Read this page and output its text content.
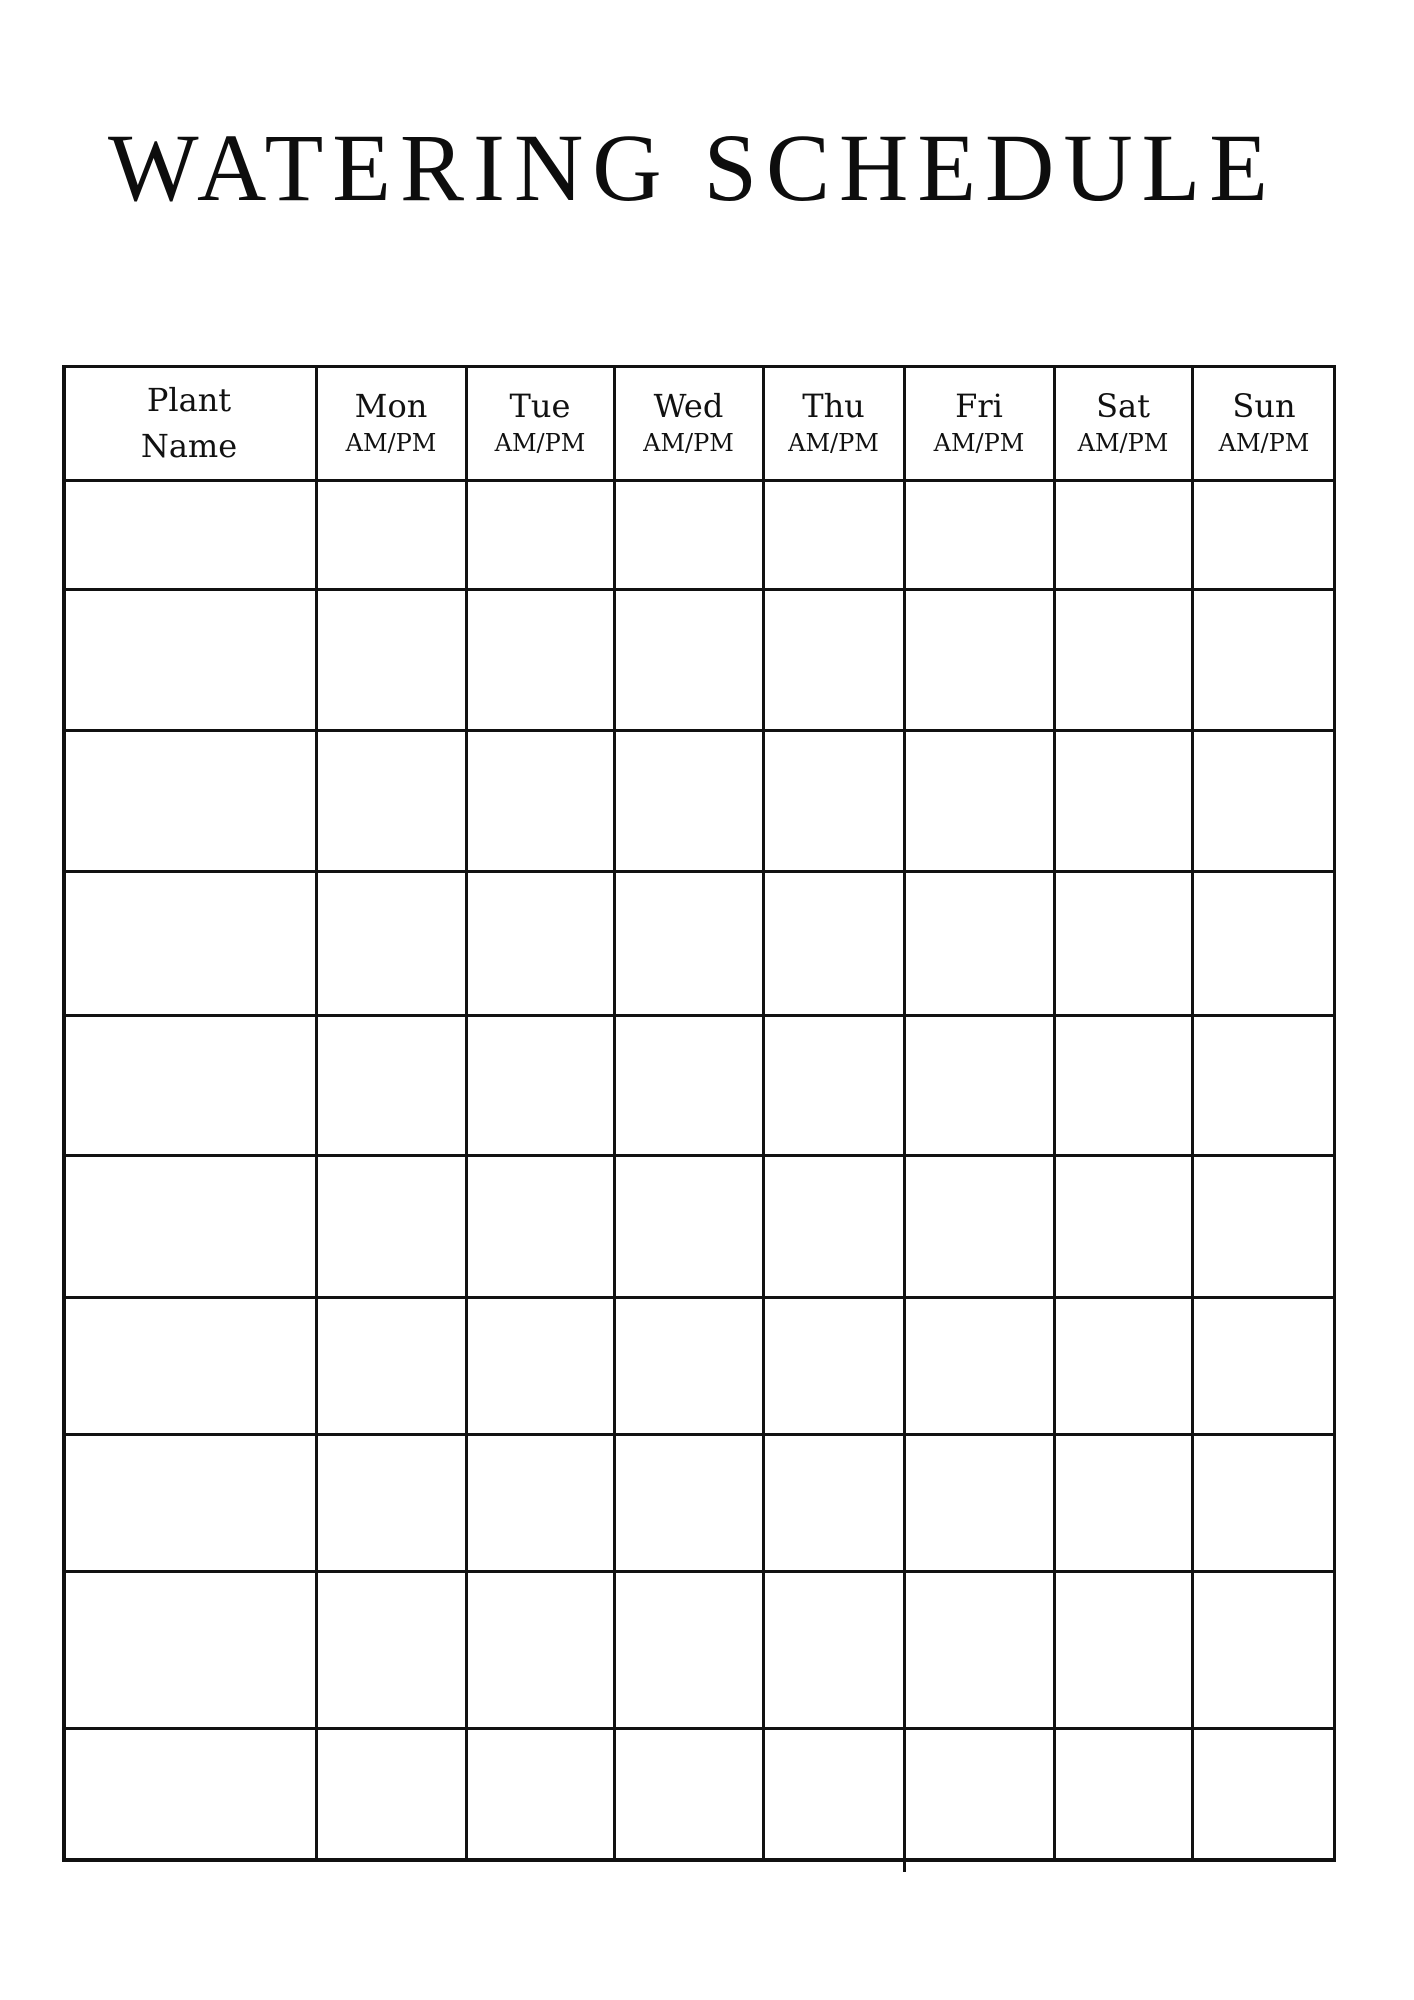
WATERING SCHEDULE
Plant
Name
Mon
AM/PM
Tue
AM/PM
Wed
AM/PM
Thu
AM/PM
Fri
AM/PM
Sat
AM/PM
Sun
AM/PM
